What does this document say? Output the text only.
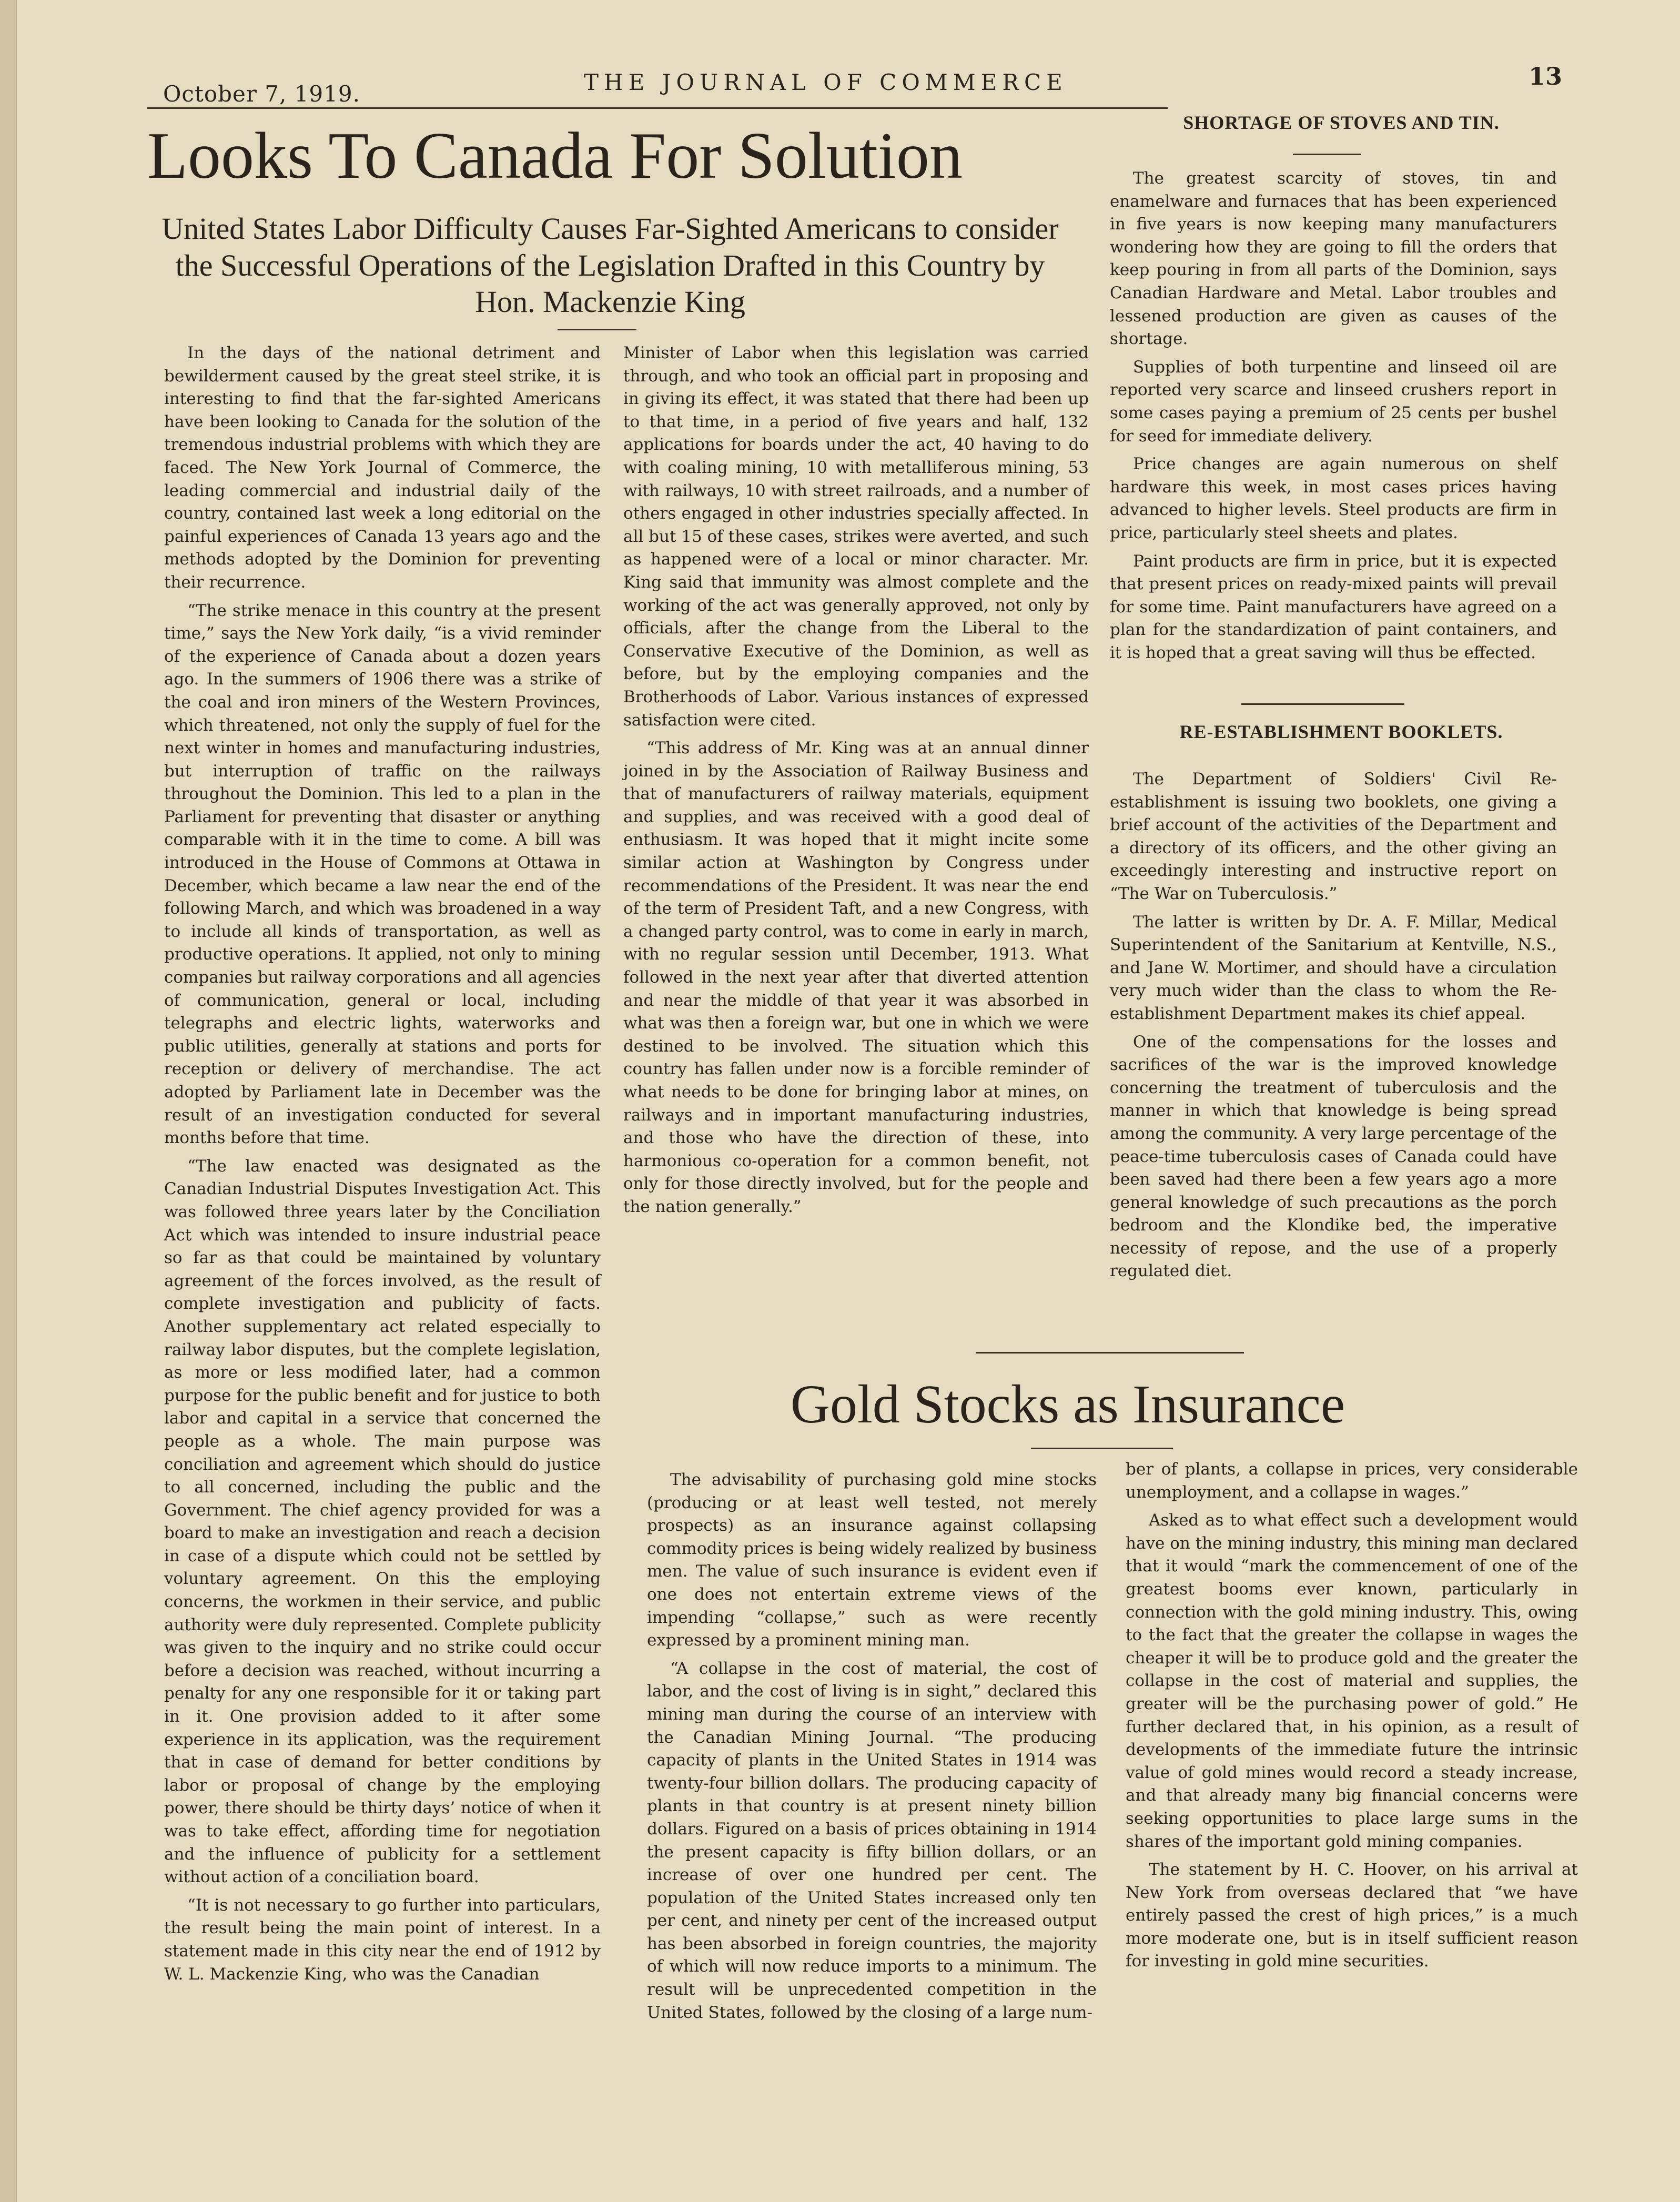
October 7, 1919.	THE JOURNAL OF COMMERCE	13
Looks To Canada For Solution
United States Labor Difficulty Causes Far-Sighted Americans to consider the Successful Operations of the Legislation Drafted in this Country by Hon. Mackenzie King

In the days of the national detriment and bewilderment caused by the great steel strike, it is interesting to find that the far-sighted Americans have been looking to Canada for the solution of the tremendous industrial problems with which they are faced. The New York Journal of Commerce, the leading commercial and industrial daily of the country, contained last week a long editorial on the painful experiences of Canada 13 years ago and the methods adopted by the Dominion for preventing their recurrence.

“The strike menace in this country at the present time,” says the New York daily, “is a vivid reminder of the experience of Canada about a dozen years ago. In the summers of 1906 there was a strike of the coal and iron miners of the Western Provinces, which threatened, not only the supply of fuel for the next winter in homes and manufacturing industries, but interruption of traffic on the railways throughout the Dominion. This led to a plan in the Parliament for preventing that disaster or anything comparable with it in the time to come. A bill was introduced in the House of Commons at Ottawa in December, which became a law near the end of the following March, and which was broadened in a way to include all kinds of transportation, as well as productive operations. It applied, not only to mining companies but railway corporations and all agencies of communication, general or local, including telegraphs and electric lights, waterworks and public utilities, generally at stations and ports for reception or delivery of merchandise. The act adopted by Parliament late in December was the result of an investigation conducted for several months before that time.

“The law enacted was designated as the Canadian Industrial Disputes Investigation Act. This was followed three years later by the Conciliation Act which was intended to insure industrial peace so far as that could be maintained by voluntary agreement of the forces involved, as the result of complete investigation and publicity of facts. Another supplementary act related especially to railway labor disputes, but the complete legislation, as more or less modified later, had a common purpose for the public benefit and for justice to both labor and capital in a service that concerned the people as a whole. The main purpose was conciliation and agreement which should do justice to all concerned, including the public and the Government. The chief agency provided for was a board to make an investigation and reach a decision in case of a dispute which could not be settled by voluntary agreement. On this the employing concerns, the workmen in their service, and public authority were duly represented. Complete publicity was given to the inquiry and no strike could occur before a decision was reached, without incurring a penalty for any one responsible for it or taking part in it. One provision added to it after some experience in its application, was the requirement that in case of demand for better conditions by labor or proposal of change by the employing power, there should be thirty days’ notice of when it was to take effect, affording time for negotiation and the influence of publicity for a settlement without action of a conciliation board.

“It is not necessary to go further into particulars, the result being the main point of interest. In a statement made in this city near the end of 1912 by W. L. Mackenzie King, who was the Canadian

Minister of Labor when this legislation was carried through, and who took an official part in proposing and in giving its effect, it was stated that there had been up to that time, in a period of five years and half, 132 applications for boards under the act, 40 having to do with coaling mining, 10 with metalliferous mining, 53 with railways, 10 with street railroads, and a number of others engaged in other industries specially affected. In all but 15 of these cases, strikes were averted, and such as happened were of a local or minor character. Mr. King said that immunity was almost complete and the working of the act was generally approved, not only by officials, after the change from the Liberal to the Conservative Executive of the Dominion, as well as before, but by the employing companies and the Brotherhoods of Labor. Various instances of expressed satisfaction were cited.

“This address of Mr. King was at an annual dinner joined in by the Association of Railway Business and that of manufacturers of railway materials, equipment and supplies, and was received with a good deal of enthusiasm. It was hoped that it might incite some similar action at Washington by Congress under recommendations of the President. It was near the end of the term of President Taft, and a new Congress, with a changed party control, was to come in early in march, with no regular session until December, 1913. What followed in the next year after that diverted attention and near the middle of that year it was absorbed in what was then a foreign war, but one in which we were destined to be involved. The situation which this country has fallen under now is a forcible reminder of what needs to be done for bringing labor at mines, on railways and in important manufacturing industries, and those who have the direction of these, into harmonious co-operation for a common benefit, not only for those directly involved, but for the people and the nation generally.”

SHORTAGE OF STOVES AND TIN.

The greatest scarcity of stoves, tin and enamelware and furnaces that has been experienced in five years is now keeping many manufacturers wondering how they are going to fill the orders that keep pouring in from all parts of the Dominion, says Canadian Hardware and Metal. Labor troubles and lessened production are given as causes of the shortage.

Supplies of both turpentine and linseed oil are reported very scarce and linseed crushers report in some cases paying a premium of 25 cents per bushel for seed for immediate delivery.

Price changes are again numerous on shelf hardware this week, in most cases prices having advanced to higher levels. Steel products are firm in price, particularly steel sheets and plates.

Paint products are firm in price, but it is expected that present prices on ready-mixed paints will prevail for some time. Paint manufacturers have agreed on a plan for the standardization of paint containers, and it is hoped that a great saving will thus be effected.

RE-ESTABLISHMENT BOOKLETS.

The Department of Soldiers' Civil Re-establishment is issuing two booklets, one giving a brief account of the activities of the Department and a directory of its officers, and the other giving an exceedingly interesting and instructive report on “The War on Tuberculosis.”

The latter is written by Dr. A. F. Millar, Medical Superintendent of the Sanitarium at Kentville, N.S., and Jane W. Mortimer, and should have a circulation very much wider than the class to whom the Re-establishment Department makes its chief appeal.

One of the compensations for the losses and sacrifices of the war is the improved knowledge concerning the treatment of tuberculosis and the manner in which that knowledge is being spread among the community. A very large percentage of the peace-time tuberculosis cases of Canada could have been saved had there been a few years ago a more general knowledge of such precautions as the porch bedroom and the Klondike bed, the imperative necessity of repose, and the use of a properly regulated diet.

Gold Stocks as Insurance

The advisability of purchasing gold mine stocks (producing or at least well tested, not merely prospects) as an insurance against collapsing commodity prices is being widely realized by business men. The value of such insurance is evident even if one does not entertain extreme views of the impending “collapse,” such as were recently expressed by a prominent mining man.

“A collapse in the cost of material, the cost of labor, and the cost of living is in sight,” declared this mining man during the course of an interview with the Canadian Mining Journal. “The producing capacity of plants in the United States in 1914 was twenty-four billion dollars. The producing capacity of plants in that country is at present ninety billion dollars. Figured on a basis of prices obtaining in 1914 the present capacity is fifty billion dollars, or an increase of over one hundred per cent. The population of the United States increased only ten per cent, and ninety per cent of the increased output has been absorbed in foreign countries, the majority of which will now reduce imports to a minimum. The result will be unprecedented competition in the United States, followed by the closing of a large num-

ber of plants, a collapse in prices, very considerable unemployment, and a collapse in wages.”

Asked as to what effect such a development would have on the mining industry, this mining man declared that it would “mark the commencement of one of the greatest booms ever known, particularly in connection with the gold mining industry. This, owing to the fact that the greater the collapse in wages the cheaper it will be to produce gold and the greater the collapse in the cost of material and supplies, the greater will be the purchasing power of gold.” He further declared that, in his opinion, as a result of developments of the immediate future the intrinsic value of gold mines would record a steady increase, and that already many big financial concerns were seeking opportunities to place large sums in the shares of the important gold mining companies.

The statement by H. C. Hoover, on his arrival at New York from overseas declared that “we have entirely passed the crest of high prices,” is a much more moderate one, but is in itself sufficient reason for investing in gold mine securities.
